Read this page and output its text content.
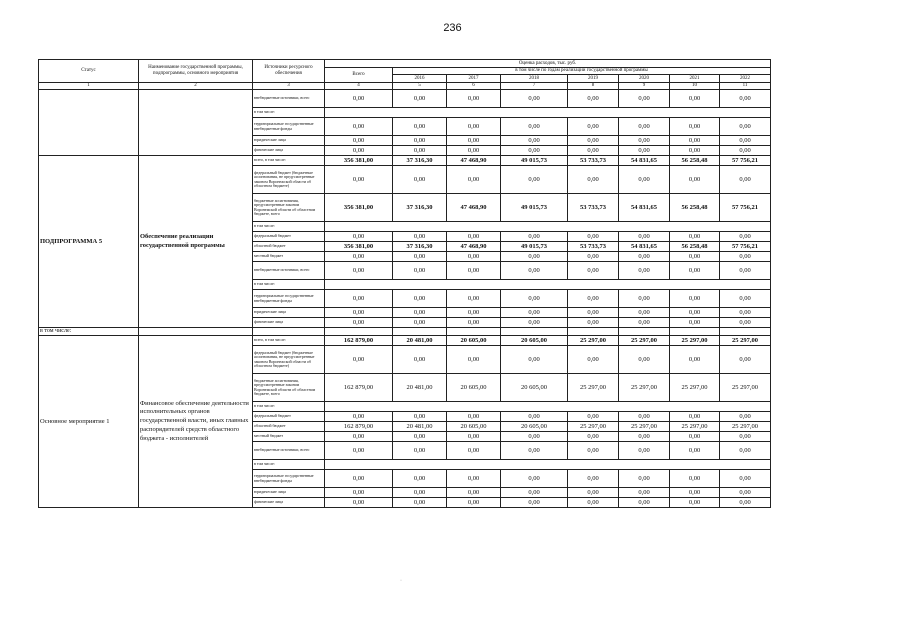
236
Статус	Наименование государственной программы, подпрограммы, основного мероприятия	Источники ресурсного обеспечения	Оценка расходов, тыс. руб.							
			Всего	в том числе по годам реализации государственной программы						
				2016	2017	2018	2019	2020	2021	2022
1	2	3	4	5	6	7	8	9	10	11
		внебюджетные источники, всего	0,00	0,00	0,00	0,00	0,00	0,00	0,00	0,00
		в том числе:								
		территориальные государственные внебюджетные фонды	0,00	0,00	0,00	0,00	0,00	0,00	0,00	0,00
		юридические лица	0,00	0,00	0,00	0,00	0,00	0,00	0,00	0,00
		физические лица	0,00	0,00	0,00	0,00	0,00	0,00	0,00	0,00
ПОДПРОГРАММА 5	Обеспечение реализации государственной программы	всего, в том числе:	356 381,00	37 316,30	47 468,90	49 015,73	53 733,73	54 831,65	56 258,48	57 756,21
		федеральный бюджет (бюджетные ассигнования, не предусмотренные законом Воронежской области об областном бюджете)	0,00	0,00	0,00	0,00	0,00	0,00	0,00	0,00
		бюджетные ассигнования, предусмотренные законом Воронежской области об областном бюджете, всего	356 381,00	37 316,30	47 468,90	49 015,73	53 733,73	54 831,65	56 258,48	57 756,21
		в том числе:								
		федеральный бюджет	0,00	0,00	0,00	0,00	0,00	0,00	0,00	0,00
		областной бюджет	356 381,00	37 316,30	47 468,90	49 015,73	53 733,73	54 831,65	56 258,48	57 756,21
		местный бюджет	0,00	0,00	0,00	0,00	0,00	0,00	0,00	0,00
		внебюджетные источники, всего	0,00	0,00	0,00	0,00	0,00	0,00	0,00	0,00
		в том числе:								
		территориальные государственные внебюджетные фонды	0,00	0,00	0,00	0,00	0,00	0,00	0,00	0,00
		юридические лица	0,00	0,00	0,00	0,00	0,00	0,00	0,00	0,00
		физические лица	0,00	0,00	0,00	0,00	0,00	0,00	0,00	0,00
в том числе:										
Основное мероприятие 1	Финансовое обеспечение деятельности исполнительных органов государственной власти, иных главных распорядителей средств областного бюджета - исполнителей	всего, в том числе:	162 879,00	20 481,00	20 605,00	20 605,00	25 297,00	25 297,00	25 297,00	25 297,00
		федеральный бюджет (бюджетные ассигнования, не предусмотренные законом Воронежской области об областном бюджете)	0,00	0,00	0,00	0,00	0,00	0,00	0,00	0,00
		бюджетные ассигнования, предусмотренные законом Воронежской области об областном бюджете, всего	162 879,00	20 481,00	20 605,00	20 605,00	25 297,00	25 297,00	25 297,00	25 297,00
		в том числе:								
		федеральный бюджет	0,00	0,00	0,00	0,00	0,00	0,00	0,00	0,00
		областной бюджет	162 879,00	20 481,00	20 605,00	20 605,00	25 297,00	25 297,00	25 297,00	25 297,00
		местный бюджет	0,00	0,00	0,00	0,00	0,00	0,00	0,00	0,00
		внебюджетные источники, всего	0,00	0,00	0,00	0,00	0,00	0,00	0,00	0,00
		в том числе:								
		территориальные государственные внебюджетные фонды	0,00	0,00	0,00	0,00	0,00	0,00	0,00	0,00
		юридические лица	0,00	0,00	0,00	0,00	0,00	0,00	0,00	0,00
		физические лица	0,00	0,00	0,00	0,00	0,00	0,00	0,00	0,00
·
